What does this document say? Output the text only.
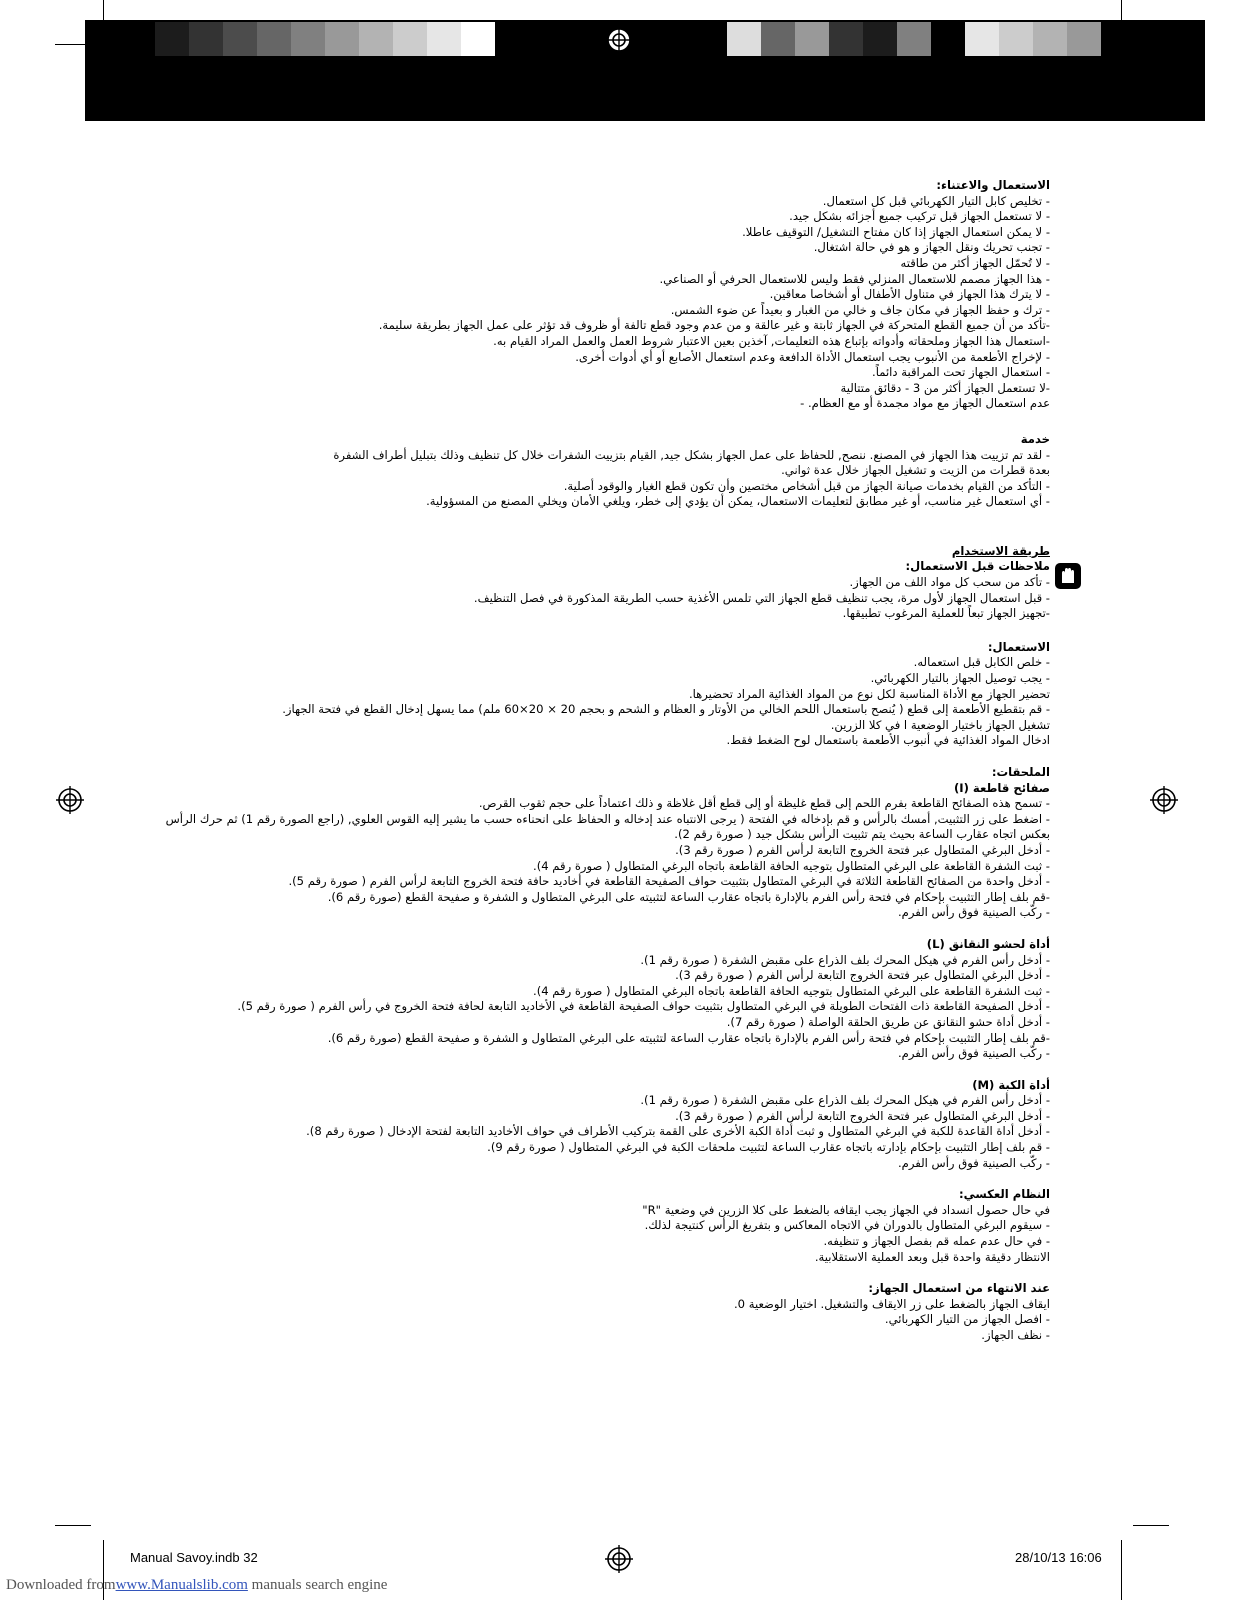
الاستعمال والاعتناء:
- تخليص كابل التيار الكهربائي قبل كل استعمال.
- لا تستعمل الجهاز قبل تركيب جميع أجزائه بشكل جيد.
- لا يمكن استعمال الجهاز إذا كان مفتاح التشغيل/ التوقيف عاطلا.
- تجنب تحريك ونقل الجهاز و هو في حالة اشتغال.
- لا تُحمّل الجهاز أكثر من طاقته
- هذا الجهاز مصمم للاستعمال المنزلي فقط وليس للاستعمال الحرفي أو الصناعي.
- لا يترك هذا الجهاز في متناول الأطفال أو أشخاصا معاقين.
- ترك و حفظ الجهاز في مكان جاف و خالي من الغبار و بعيداً عن ضوء الشمس.
-تأكد من أن جميع القطع المتحركة في الجهاز ثابتة و غير عالقة و من عدم وجود قطع تالفة أو ظروف قد تؤثر على عمل الجهاز بطريقة سليمة.
-استعمال هذا الجهاز وملحقاته وأدواته بإتباع هذه التعليمات, آخذين بعين الاعتبار شروط العمل والعمل المراد القيام به.
- لإخراج الأطعمة من الأنبوب يجب استعمال الأداة الدافعة وعدم استعمال الأصابع أو أي أدوات أخرى.
- استعمال الجهاز تحت المراقبة دائماً.
-لا تستعمل الجهاز أكثر من 3 - دقائق متتالية
عدم استعمال الجهاز مع مواد مجمدة أو مع العظام. -
خدمة
- لقد تم تزييت هذا الجهاز في المصنع. ننصح, للحفاظ على عمل الجهاز بشكل جيد, القيام بتزييت الشفرات خلال كل تنظيف وذلك بتبليل أطراف الشفرة
بعدة قطرات من الزيت و تشغيل الجهاز خلال عدة ثواني.
- التأكد من القيام بخدمات صيانة الجهاز من قبل أشخاص مختصين وأن تكون قطع الغيار والوقود أصلية.
- أي استعمال غير مناسب، أو غير مطابق لتعليمات الاستعمال، يمكن أن يؤدي إلى خطر، ويلغي الأمان ويخلي المصنع من المسؤولية.
طريقة الاستخدام
ملاحظات قبل الاستعمال:
- تأكد من سحب كل مواد اللف من الجهاز.
- قبل استعمال الجهاز لأول مرة، يجب تنظيف قطع الجهاز التي تلمس الأغذية حسب الطريقة المذكورة في فصل التنظيف.
-تجهيز الجهاز تبعاً للعملية المرغوب تطبيقها.
الاستعمال:
- خلص الكابل قبل استعماله.
- يجب توصيل الجهاز بالتيار الكهربائي.
تحضير الجهاز مع الأداة المناسبة لكل نوع من المواد الغذائية المراد تحضيرها.
- قم بتقطيع الأطعمة إلى قطع ( يُنصح باستعمال اللحم الخالي من الأوتار و العظام و الشحم و بحجم 20 × 20×60 ملم) مما يسهل إدخال القطع في فتحة الجهاز.
تشغيل الجهاز باختيار الوضعية ا في كلا الزرين.
ادخال المواد الغذائية في أنبوب الأطعمة باستعمال لوح الضغط فقط.
الملحقات:
صفائح قاطعة (I)
- تسمح هذه الصفائح القاطعة بفرم اللحم إلى قطع غليظة أو إلى قطع أقل غلاظة و ذلك اعتماداً على حجم ثقوب القرص.
- اضغط على زر التثبيت, أمسك بالرأس و قم بإدخاله في الفتحة ( يرجى الانتباه عند إدخاله و الحفاظ على انحناءه حسب ما يشير إليه القوس العلوي, (راجع الصورة رقم 1) ثم حرك الرأس
بعكس اتجاه عقارب الساعة بحيث يتم تثبيت الرأس بشكل جيد ( صورة رقم 2).
- أدخل البرغي المتطاول عبر فتحة الخروج التابعة لرأس الفرم ( صورة رقم 3).
- ثبت الشفرة القاطعة على البرغي المتطاول بتوجيه الحافة القاطعة باتجاه البرغي المتطاول ( صورة رقم 4).
- أدخل واحدة من الصفائح القاطعة الثلاثة في البرغي المتطاول بتثبيت حواف الصفيحة القاطعة في أخاديد حافة فتحة الخروج التابعة لرأس الفرم ( صورة رقم 5).
-قم بلف إطار التثبيت بإحكام في فتحة رأس الفرم بالإدارة باتجاه عقارب الساعة لتثبيته على البرغي المتطاول و الشفرة و صفيحة القطع (صورة رقم 6).
- ركّب الصينية فوق رأس الفرم.
أداة لحشو النقانق (L)
- أدخل رأس الفرم في هيكل المحرك بلف الذراع على مقبض الشفرة ( صورة رقم 1).
- أدخل البرغي المتطاول عبر فتحة الخروج التابعة لرأس الفرم ( صورة رقم 3).
- ثبت الشفرة القاطعة على البرغي المتطاول بتوجيه الحافة القاطعة باتجاه البرغي المتطاول ( صورة رقم 4).
- أدخل الصفيحة القاطعة ذات الفتحات الطويلة في البرغي المتطاول بتثبيت حواف الصفيحة القاطعة في الأخاديد التابعة لحافة فتحة الخروج في رأس الفرم ( صورة رقم 5).
- أدخل أداة حشو النقانق عن طريق الحلقة الواصلة ( صورة رقم 7).
-قم بلف إطار التثبيت بإحكام في فتحة رأس الفرم بالإدارة باتجاه عقارب الساعة لتثبيته على البرغي المتطاول و الشفرة و صفيحة القطع (صورة رقم 6).
- ركّب الصينية فوق رأس الفرم.
أداة الكبة (M)
- أدخل رأس الفرم في هيكل المحرك بلف الذراع على مقبض الشفرة ( صورة رقم 1).
- أدخل البرغي المتطاول عبر فتحة الخروج التابعة لرأس الفرم ( صورة رقم 3).
- أدخل أداة القاعدة للكبة في البرغي المتطاول و ثبت أداة الكبة الأخرى على القمة بتركيب الأطراف في حواف الأخاديد التابعة لفتحة الإدخال ( صورة رقم 8).
- قم بلف إطار التثبيت بإحكام بإدارته باتجاه عقارب الساعة لتثبيت ملحقات الكبة في البرغي المتطاول ( صورة رقم 9).
- ركّب الصينية فوق رأس الفرم.
النظام العكسي:
في حال حصول انسداد في الجهاز يجب ايقافه بالضغط على كلا الزرين في وضعية "R"
- سيقوم البرغي المتطاول بالدوران في الاتجاه المعاكس و بتفريغ الرأس كنتيجة لذلك.
- في حال عدم عمله قم بفصل الجهاز و تنظيفه.
الانتظار دقيقة واحدة قبل وبعد العملية الاستقلابية.
عند الانتهاء من استعمال الجهاز:
ايقاف الجهاز بالضغط على زر الايقاف والتشغيل. اختيار الوضعية 0.
- افصل الجهاز من التيار الكهربائي.
- نظف الجهاز.
Manual Savoy.indb 32	28/10/13 16:06
Downloaded fromwww.Manualslib.com manuals search engine
